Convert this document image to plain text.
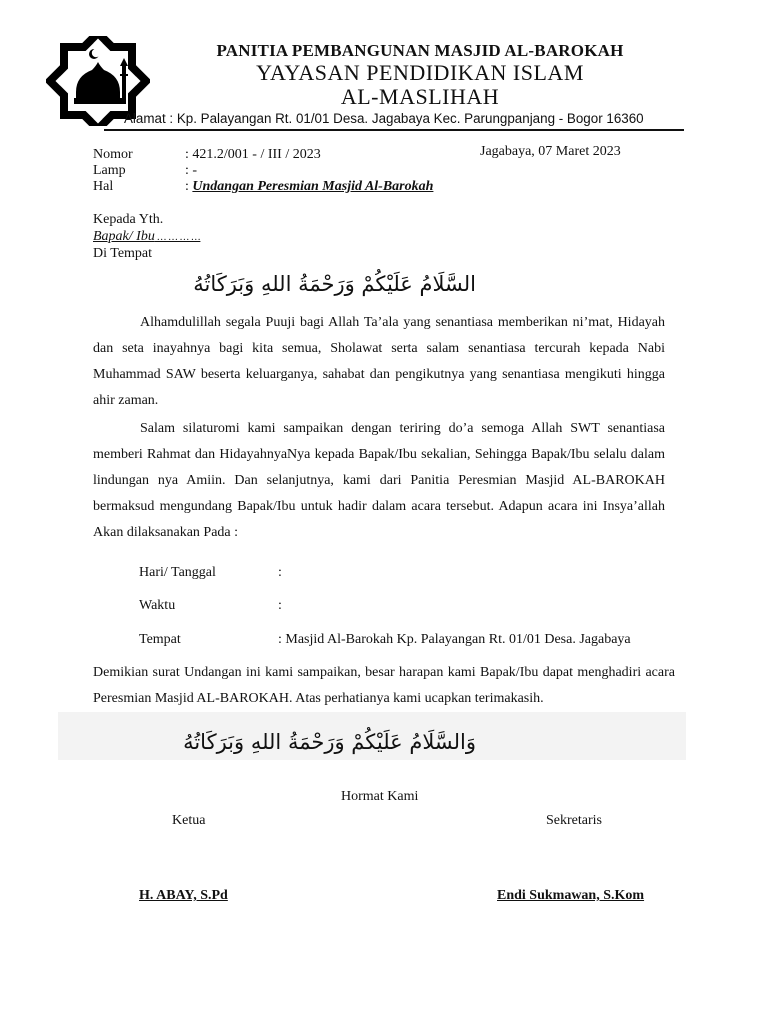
PANITIA PEMBANGUNAN MASJID AL-BAROKAH
YAYASAN PENDIDIKAN ISLAM
AL-MASLIHAH
Alamat : Kp. Palayangan Rt. 01/01 Desa. Jagabaya Kec. Parungpanjang - Bogor 16360
Nomor	: 421.2/001 - / III / 2023
Lamp	: -
Hal	: Undangan Peresmian Masjid Al-Barokah
Jagabaya, 07 Maret 2023
Kepada Yth.
Bapak/ Ibu … … … …
Di Tempat
السَّلَامُ عَلَيْكُمْ وَرَحْمَةُ اللهِ وَبَرَكَاتُهُ
Alhamdulillah segala Puuji bagi Allah Ta’ala yang senantiasa memberikan ni’mat, Hidayah dan seta inayahnya bagi kita semua, Sholawat serta salam senantiasa tercurah kepada Nabi Muhammad SAW beserta keluarganya, sahabat dan pengikutnya yang senantiasa mengikuti hingga ahir zaman.
Salam silaturomi kami sampaikan dengan teriring do’a semoga Allah SWT senantiasa memberi Rahmat dan HidayahnyaNya kepada Bapak/Ibu sekalian, Sehingga Bapak/Ibu selalu dalam lindungan nya Amiin. Dan selanjutnya, kami dari Panitia Peresmian Masjid AL-BAROKAH bermaksud mengundang Bapak/Ibu untuk hadir dalam acara tersebut. Adapun acara ini Insya’allah Akan dilaksanakan Pada :
Hari/ Tanggal	:
Waktu	:
Tempat	: Masjid Al-Barokah Kp. Palayangan Rt. 01/01 Desa. Jagabaya
Demikian surat Undangan ini kami sampaikan, besar harapan kami Bapak/Ibu dapat menghadiri acara Peresmian Masjid AL-BAROKAH. Atas perhatianya kami ucapkan terimakasih.
وَالسَّلَامُ عَلَيْكُمْ وَرَحْمَةُ اللهِ وَبَرَكَاتُهُ
Hormat Kami
Ketua	Sekretaris
H. ABAY, S.Pd	Endi Sukmawan, S.Kom
